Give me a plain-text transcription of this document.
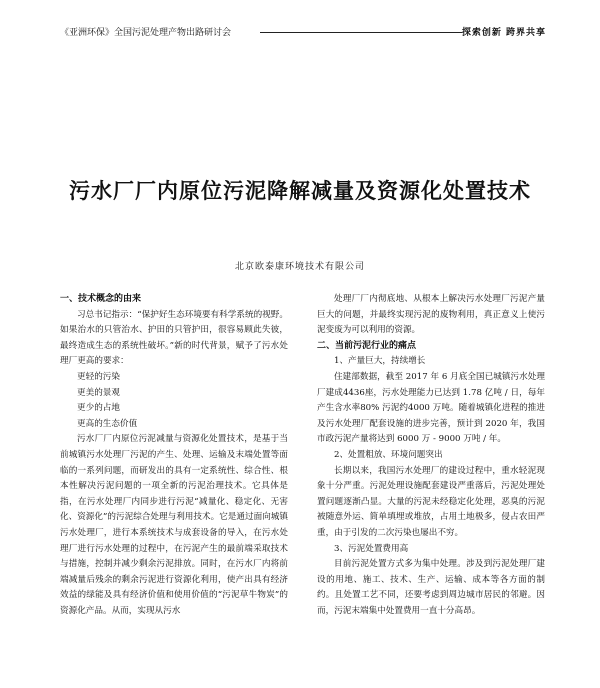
《亚洲环保》全国污泥处理产物出路研讨会	探索创新 跨界共享
污水厂厂内原位污泥降解减量及资源化处置技术
北京欧泰康环境技术有限公司
一、技术概念的由来

习总书记指示：“保护好生态环境要有科学系统的视野。如果治水的只管治水、护田的只管护田，很容易顾此失彼，最终造成生态的系统性破坏。”新的时代背景，赋予了污水处理厂更高的要求：

更轻的污染
更美的景观
更少的占地
更高的生态价值

污水厂厂内原位污泥减量与资源化处置技术，是基于当前城镇污水处理厂污泥的产生、处理、运输及末端处置等面临的一系列问题，而研发出的具有一定系统性、综合性、根本性解决污泥问题的一项全新的污泥治理技术。它具体是指，在污水处理厂内同步进行污泥“减量化、稳定化、无害化、资源化”的污泥综合处理与利用技术。它是通过面向城镇污水处理厂，进行本系统技术与成套设备的导入，在污水处理厂进行污水处理的过程中，在污泥产生的最前端采取技术与措施，控制并减少剩余污泥排放。同时，在污水厂内将前端减量后残余的剩余污泥进行资源化利用，使产出具有经济效益的绿能及具有经济价值和使用价值的“污泥草牛物炭”的资源化产品。从而，实现从污水

处理厂厂内彻底地、从根本上解决污水处理厂污泥产量巨大的问题，并最终实现污泥的废物利用，真正意义上使污泥变废为可以利用的资源。

二、当前污泥行业的痛点
1、产量巨大，持续增长

住建部数据，截至 2017 年 6 月底全国已城镇污水处理厂建成4436座，污水处理能力已达到 1.78 亿吨 / 日，每年产生含水率80% 污泥约4000 万吨。随着城镇化进程的推进及污水处理厂配套设施的进步完善，预计到 2020 年，我国市政污泥产量将达到 6000 万 - 9000 万吨 / 年。

2、处置粗放、环境问题突出

长期以来，我国污水处理厂的建设过程中，重水轻泥现象十分严重。污泥处理设施配套建设严重落后，污泥处理处置问题逐渐凸显。大量的污泥未经稳定化处理，恶臭的污泥被随意外运、简单填埋或堆放，占用土地极多，侵占农田严重，由于引发的二次污染也屡出不穷。

3、污泥处置费用高

目前污泥处置方式多为集中处理。涉及到污泥处理厂建设的用地、施工、技术、生产、运输、成本等各方面的制约。且处置工艺不同，还要考虑到周边城市居民的邻避。因而，污泥末端集中处置费用一直十分高昂。
